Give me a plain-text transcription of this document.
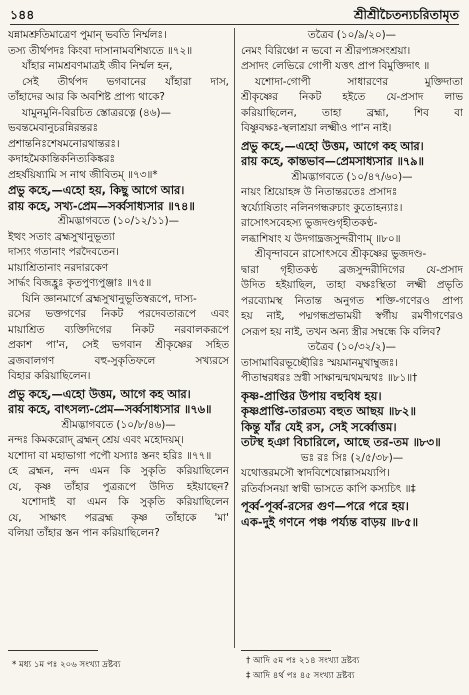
১৪৪	শ্রীশ্রীচৈতন্যচরিতামৃত
যন্নামশ্রুতিমাত্রেণ পুমান্ ভবতি নির্ম্মলঃ।
তস্য তীর্থপদঃ কিংবা দাসানামবশিষ্যতে ॥৭২॥
যাঁহার নামশ্রবণমাত্রই জীব নির্ম্মল হন,
সেই তীর্থপদ ভগবানের যাঁহারা দাস,
তাঁহাদের আর কি অবশিষ্ট প্রাপ্য থাকে?
যামুনমুনি-বিরচিত স্তোত্ররত্নে (৪৬)—
ভবন্তমেবানুচরন্নিরন্তরঃ
প্রশান্তনিঃশেষমনোরথান্তরঃ।
কদাহমৈকান্তিকনিত্যকিঙ্করঃ
প্রহর্ষয়িষ্যামি স নাথ জীবিতম্ ॥৭৩॥*
প্রভু কহে,—এহো হয়, কিছু আগে আর।
রায় কহে, সখ্য-প্রেম—সর্ব্বসাধ্যসার ॥৭৪॥
শ্রীমদ্ভাগবতে (১০/১২/১১)—
ইত্থং সতাং ব্রহ্মসুখানুভূত্যা
দাস্যং গতানাং পরদৈবতেন।
মায়াশ্রিতানাং নরদারকেণ
সার্দ্ধং বিজহ্রুঃ কৃতপুণ্যপুঞ্জাঃ ॥৭৫॥
যিনি জ্ঞানমার্গে ব্রহ্মসুখানুভূতিস্বরূপে, দাস্য-
রসের ভক্তগণের নিকট পরদেবতারূপে এবং
মায়াশ্রিত ব্যক্তিদিগের নিকট নরবালকরূপে
প্রকাশ পা'ন, সেই ভগবান শ্রীকৃষ্ণের সহিত
ব্রজবালগণ বহু-সুকৃতিফলে সখ্যরসে
বিহার করিয়াছিলেন।
প্রভু কহে,—এহো উত্তম, আগে কহ আর।
রায় কহে, বাৎসল্য-প্রেম—সর্ব্বসাধ্যসার ॥৭৬॥
শ্রীমদ্ভাগবতে (১০/৮/৪৬)—
নন্দঃ কিমকরোদ্ ব্রহ্মন্ শ্রেয় এবং মহোদয়ম্।
যশোদা বা মহাভাগা পপৌ যস্যাঃ স্তনং হরিঃ ॥৭৭॥
হে ব্রহ্মন, নন্দ এমন কি সুকৃতি করিয়াছিলেন
যে, কৃষ্ণ তাঁহার পুত্ররূপে উদিত হইয়াছেন?
যশোদাই বা এমন কি সুকৃতি করিয়াছিলেন
যে, সাক্ষাৎ পরব্রহ্ম কৃষ্ণ তাঁহাকে 'মা'
বলিয়া তাঁহার স্তন পান করিয়াছিলেন?
তত্রৈব (১০/৯/২০)—
নেমং বিরিঞ্চো ন ভবো ন শ্রীরপ্যঙ্গসংশ্রয়া।
প্রসাদং লেভিরে গোপী যত্তৎ প্রাপ বিমুক্তিদাৎ ॥
যশোদা-গোপী সাধারণের মুক্তিদাতা
শ্রীকৃষ্ণের নিকট হইতে যে-প্রসাদ লাভ
করিয়াছিলেন, তাহা ব্রহ্মা, শিব বা
বিষ্ণুবক্ষঃ-স্থলাশ্রয়া লক্ষ্মীও পা'ন নাই।
প্রভু কহে,—এহো উত্তম, আগে কহ আর।
রায় কহে, কান্তভাব—প্রেমসাধ্যসার ॥৭৯॥
শ্রীমদ্ভাগবতে (১০/৪৭/৬০)—
নায়ং শ্রিয়োহঙ্গ উ নিতান্তরতেঃ প্রসাদঃ
স্বর্য্যোষিতাং নলিনগন্ধরুচাং কুতোহন্যাঃ।
রাসোৎসবেহস্য ভুজদণ্ডগৃহীতকণ্ঠ-
লব্ধাশিষাং য উদগাদ্ব্রজসুন্দরীণাম্ ॥৮০॥
শ্রীবৃন্দাবনে রাসোৎসবে শ্রীকৃষ্ণের ভুজদণ্ড-
দ্বারা গৃহীতকণ্ঠ ব্রজসুন্দরীদিগের যে-প্রসাদ
উদিত হইয়াছিল, তাহা বক্ষঃস্থিতা লক্ষ্মী প্রভৃতি
পরব্যোমস্থ নিতান্ত অনুগত শক্তি-গণেরও প্রাপ্য
হয় নাই, পদ্মগন্ধপ্রভাময়ী স্বর্গীয় রমণীগণেরও
সেরূপ হয় নাই, তখন অন্য স্ত্রীর সম্বন্ধে কি বলিব?
তত্রৈব (১০/৩২/২)—
তাসামাবিরভূচ্ছৌরিঃ স্ময়মানমুখাম্বুজঃ।
পীতাম্বরধরঃ স্রগ্বী সাক্ষান্মন্মথমন্মথঃ ॥৮১॥†
কৃষ্ণ-প্রাপ্তির উপায় বহুবিধ হয়।
কৃষ্ণপ্রাপ্তি-তারতম্য বহুত আছয় ॥৮২॥
কিন্তু যাঁর যেই রস, সেই সর্ব্বোত্তম।
তটস্থ হঞা বিচারিলে, আছে তর-তম ॥৮৩॥
ভঃ রঃ সিঃ (২/৫/৩৮)—
যথোত্তরমসৌ স্বাদবিশেষোল্লাসময্যপি।
রতির্বাসনয়া স্বাদ্বী ভাসতে কাপি কস্যচিৎ ॥‡
পূর্ব্ব-পূর্ব্ব-রসের গুণ—পরে পরে হয়।
এক-দুই গণনে পঞ্চ পর্য্যন্ত বাড়য় ॥৮৫॥
* মধ্য ১ম পঃ ২০৬ সংখ্যা দ্রষ্টব্য	† আদি ৫ম পঃ ২১৪ সংখ্যা দ্রষ্টব্য
‡ আদি ৪র্থ পঃ ৪৫ সংখ্যা দ্রষ্টব্য
